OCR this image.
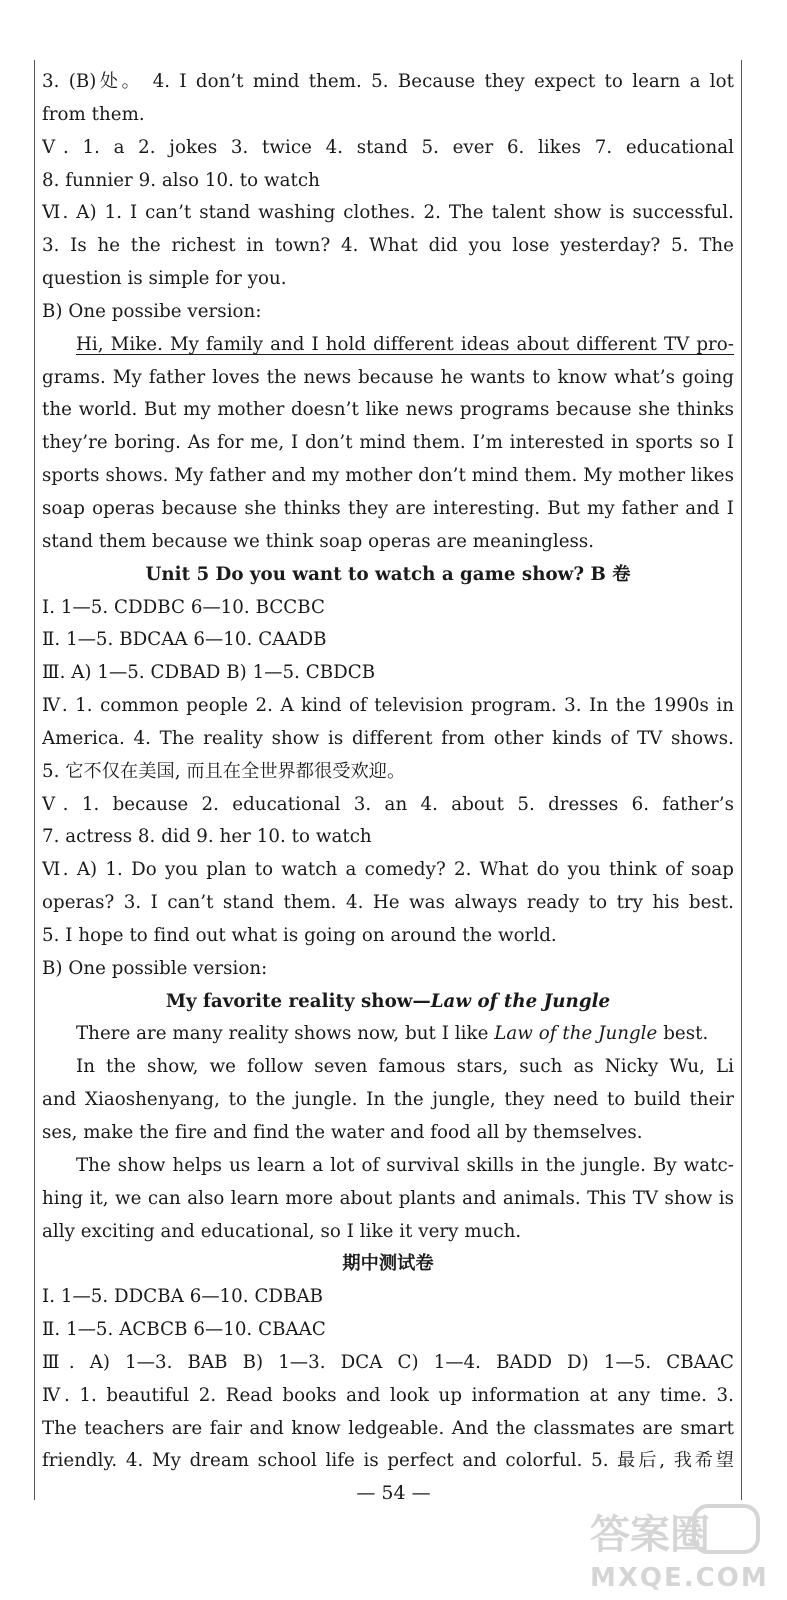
3. (B)处。 4. I don’t mind them. 5. Because they expect to learn a lot
from them.
Ⅴ. 1. a 2. jokes 3. twice 4. stand 5. ever 6. likes 7. educational
8. funnier 9. also 10. to watch
Ⅵ. A) 1. I can’t stand washing clothes. 2. The talent show is successful.
3. Is he the richest in town? 4. What did you lose yesterday? 5. The
question is simple for you.
B) One possibe version:
Hi, Mike. My family and I hold different ideas about different TV pro-
grams. My father loves the news because he wants to know what’s going
the world. But my mother doesn’t like news programs because she thinks
they’re boring. As for me, I don’t mind them. I’m interested in sports so I
sports shows. My father and my mother don’t mind them. My mother likes
soap operas because she thinks they are interesting. But my father and I
stand them because we think soap operas are meaningless.
Unit 5 Do you want to watch a game show? B 卷
Ⅰ. 1—5. CDDBC 6—10. BCCBC
Ⅱ. 1—5. BDCAA 6—10. CAADB
Ⅲ. A) 1—5. CDBAD B) 1—5. CBDCB
Ⅳ. 1. common people 2. A kind of television program. 3. In the 1990s in
America. 4. The reality show is different from other kinds of TV shows.
5. 它不仅在美国, 而且在全世界都很受欢迎。
Ⅴ. 1. because 2. educational 3. an 4. about 5. dresses 6. father’s
7. actress 8. did 9. her 10. to watch
Ⅵ. A) 1. Do you plan to watch a comedy? 2. What do you think of soap
operas? 3. I can’t stand them. 4. He was always ready to try his best.
5. I hope to find out what is going on around the world.
B) One possible version:
My favorite reality show—Law of the Jungle
There are many reality shows now, but I like Law of the Jungle best.
In the show, we follow seven famous stars, such as Nicky Wu, Li
and Xiaoshenyang, to the jungle. In the jungle, they need to build their
ses, make the fire and find the water and food all by themselves.
The show helps us learn a lot of survival skills in the jungle. By watc-
hing it, we can also learn more about plants and animals. This TV show is
ally exciting and educational, so I like it very much.
期中测试卷
Ⅰ. 1—5. DDCBA 6—10. CDBAB
Ⅱ. 1—5. ACBCB 6—10. CBAAC
Ⅲ. A) 1—3. BAB B) 1—3. DCA C) 1—4. BADD D) 1—5. CBAAC
Ⅳ. 1. beautiful 2. Read books and look up information at any time. 3.
The teachers are fair and know ledgeable. And the classmates are smart
friendly. 4. My dream school life is perfect and colorful. 5. 最后, 我希望
— 54 —
答案圈
MXQE.COM
